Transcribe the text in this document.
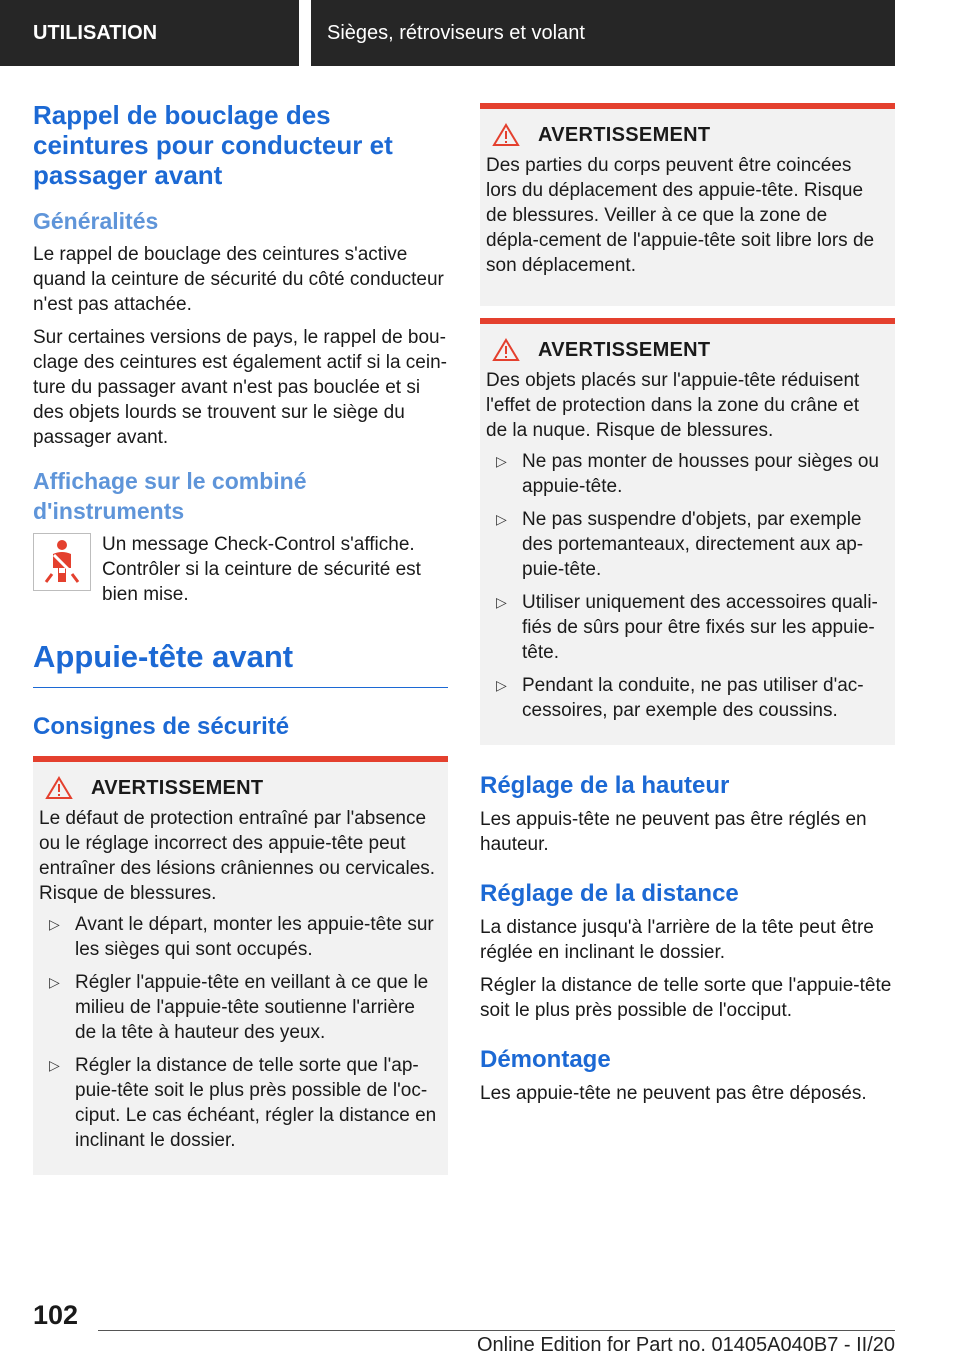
UTILISATION	Sièges, rétroviseurs et volant
Rappel de bouclage des ceintures pour conducteur et passager avant
Généralités

Le rappel de bouclage des ceintures s'active quand la ceinture de sécurité du côté conducteur n'est pas attachée.

Sur certaines versions de pays, le rappel de bou-clage des ceintures est également actif si la cein-ture du passager avant n'est pas bouclée et si des objets lourds se trouvent sur le siège du passager avant.

Affichage sur le combiné d'instruments

Un message Check-Control s'affiche. Contrôler si la ceinture de sécurité est bien mise.

Appuie-tête avant
Consignes de sécurité
AVERTISSEMENT

Le défaut de protection entraîné par l'absence ou le réglage incorrect des appuie-tête peut entraîner des lésions crâniennes ou cervicales. Risque de blessures.

▷ Avant le départ, monter les appuie-tête sur les sièges qui sont occupés.
▷ Régler l'appuie-tête en veillant à ce que le milieu de l'appuie-tête soutienne l'arrière de la tête à hauteur des yeux.
▷ Régler la distance de telle sorte que l'ap-puie-tête soit le plus près possible de l'oc-ciput. Le cas échéant, régler la distance en inclinant le dossier.
AVERTISSEMENT

Des parties du corps peuvent être coincées lors du déplacement des appuie-tête. Risque de blessures. Veiller à ce que la zone de dépla-cement de l'appuie-tête soit libre lors de son déplacement.

AVERTISSEMENT

Des objets placés sur l'appuie-tête réduisent l'effet de protection dans la zone du crâne et de la nuque. Risque de blessures.

▷ Ne pas monter de housses pour sièges ou appuie-tête.
▷ Ne pas suspendre d'objets, par exemple des portemanteaux, directement aux ap-puie-tête.
▷ Utiliser uniquement des accessoires quali-fiés de sûrs pour être fixés sur les appuie-tête.
▷ Pendant la conduite, ne pas utiliser d'ac-cessoires, par exemple des coussins.
Réglage de la hauteur

Les appuis-tête ne peuvent pas être réglés en hauteur.

Réglage de la distance

La distance jusqu'à l'arrière de la tête peut être réglée en inclinant le dossier.

Régler la distance de telle sorte que l'appuie-tête soit le plus près possible de l'occiput.

Démontage

Les appuie-tête ne peuvent pas être déposés.

102
Online Edition for Part no. 01405A040B7 - II/20
